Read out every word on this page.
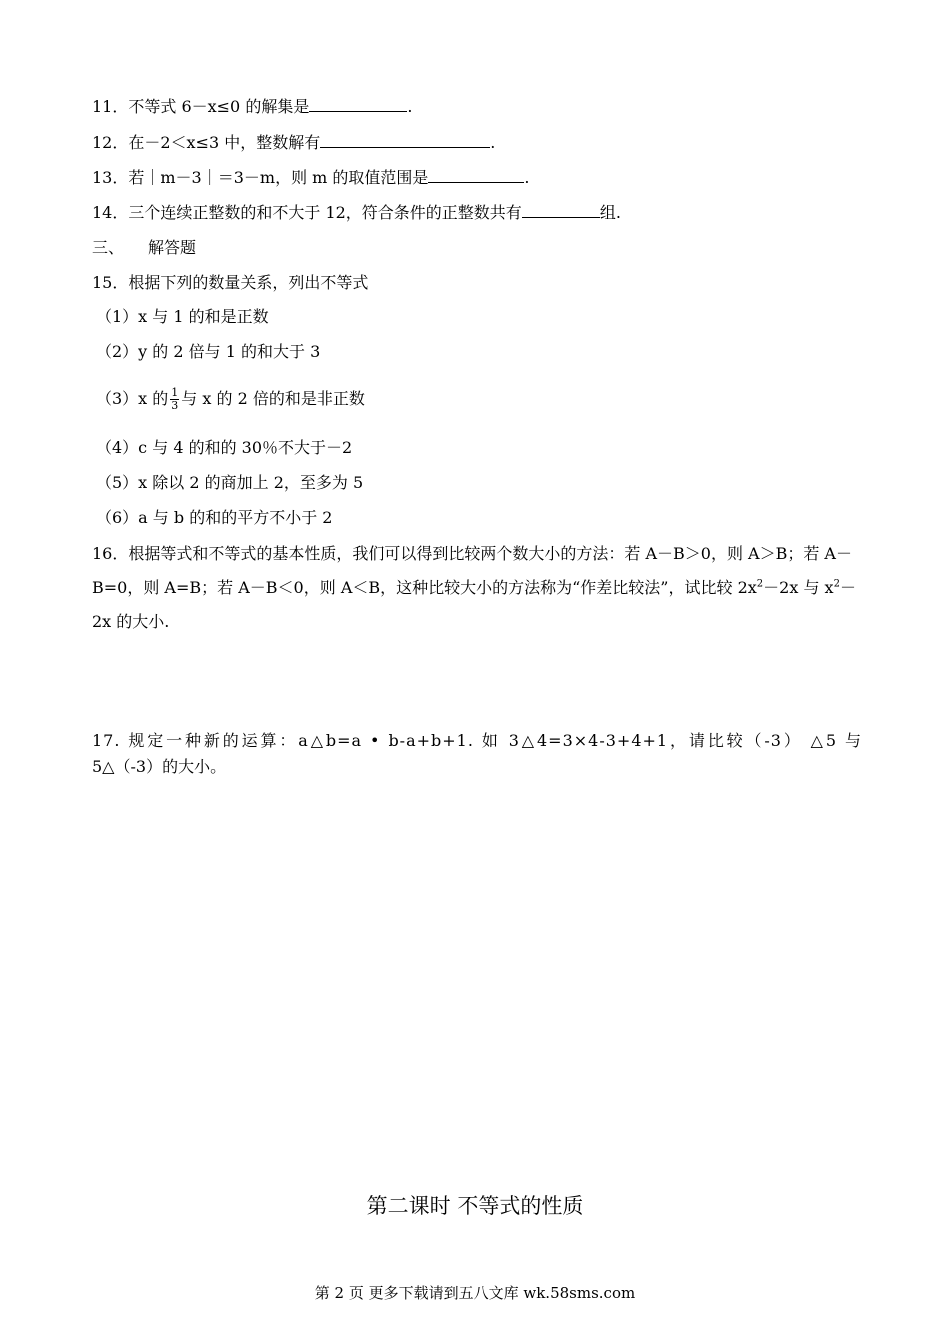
11．不等式 6－x≤0 的解集是	.
12．在－2＜x≤3 中，整数解有	.
13．若｜m－3｜＝3－m，则 m 的取值范围是	.
14．三个连续正整数的和不大于 12，符合条件的正整数共有	组.
三、　　解答题
15．根据下列的数量关系，列出不等式
（1）x 与 1 的和是正数
（2）y 的 2 倍与 1 的和大于 3
（3）x 的 $\frac{1}{3}$ 与 x 的 2 倍的和是非正数
（4）c 与 4 的和的 30％不大于－2
（5）x 除以 2 的商加上 2，至多为 5
（6）a 与 b 的和的平方不小于 2
16．根据等式和不等式的基本性质，我们可以得到比较两个数大小的方法：若 A－B＞0，则 A＞B；若 A－B=0，则 A=B；若 A－B＜0，则 A＜B，这种比较大小的方法称为“作差比较法”，试比较 $2x^2-2x$ 与 $x^2-2x$ 的大小.
17. 规定一种新的运算：a△b=a • b-a+b+1. 如 3△4=3×4-3+4+1，请比较（-3） △5 与
5△（-3）的大小。
第二课时 不等式的性质
第 2 页 更多下载请到五八文库 wk.58sms.com
